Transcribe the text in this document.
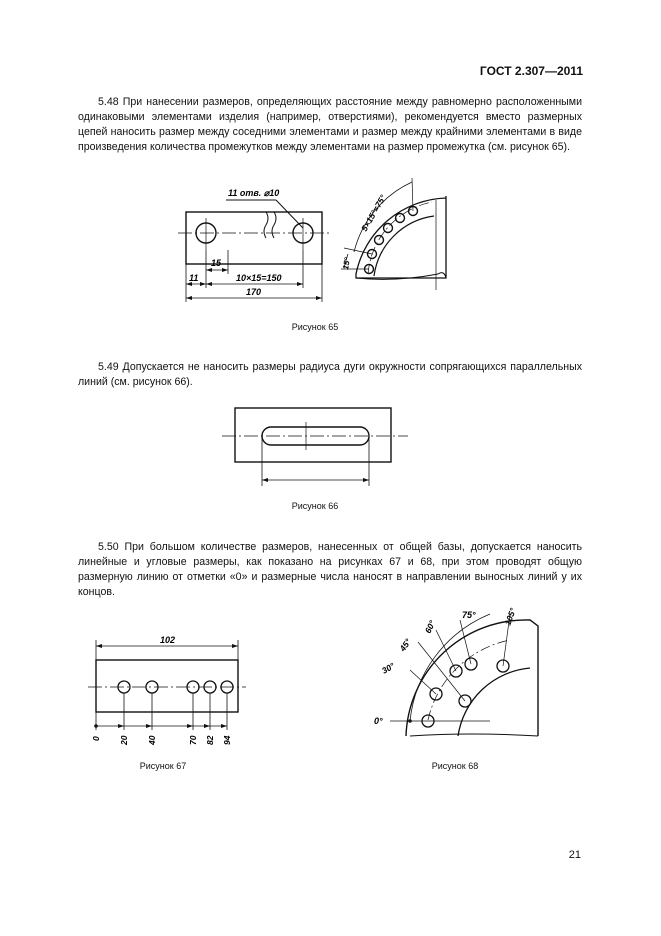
ГОСТ 2.307—2011
5.48 При нанесении размеров, определяющих расстояние между равномерно расположенными одинаковыми элементами изделия (например, отверстиями), рекомендуется вместо размерных цепей наносить размер между соседними элементами и размер между крайними элементами в виде произведения количества промежутков между элементами на размер промежутка (см. рисунок 65).
11 отв. ⌀10
15
11	10×15=150
170
5×15°=75°
15°
Рисунок 65
5.49 Допускается не наносить размеры радиуса дуги окружности сопрягающихся параллельных линий (см. рисунок 66).
Рисунок 66
5.50 При большом количестве размеров, нанесенных от общей базы, допускается наносить линейные и угловые размеры, как показано на рисунках 67 и 68, при этом проводят общую размерную линию от отметки «0» и размерные числа наносят в направлении выносных линий у их концов.
102
0 20 40	70 82 94
Рисунок 67
0°
30°
45°
60°
75°	105°
Рисунок 68
21
